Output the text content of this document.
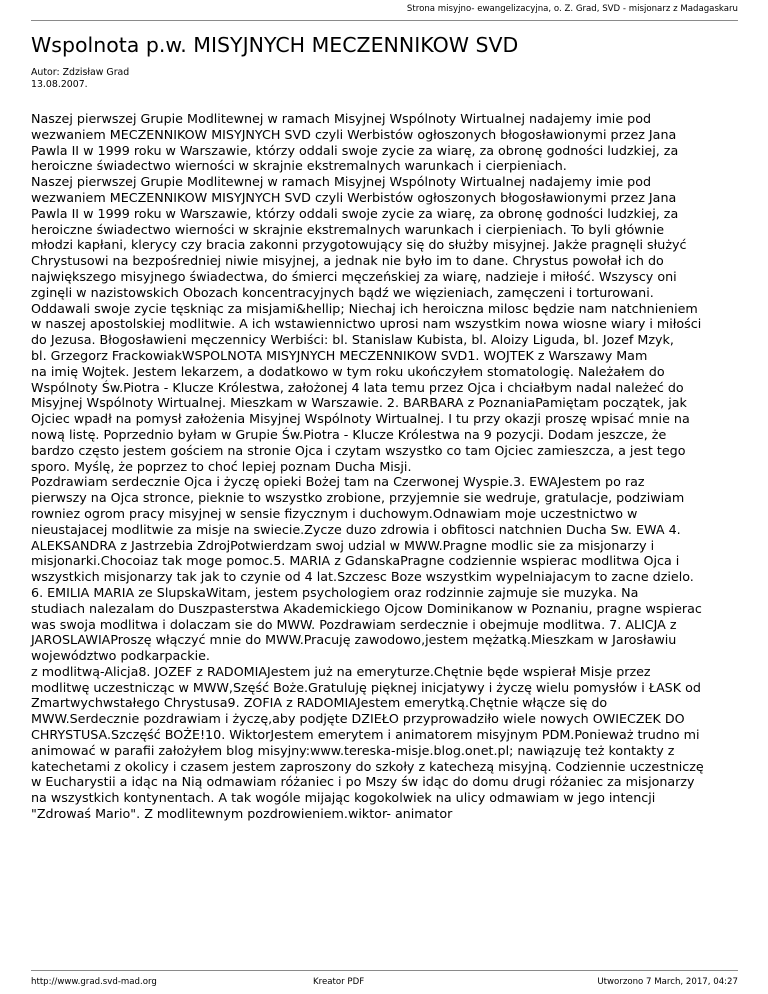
Strona misyjno- ewangelizacyjna, o. Z. Grad, SVD - misjonarz z Madagaskaru
Wspolnota p.w. MISYJNYCH MECZENNIKOW SVD
Autor: Zdzisław Grad
13.08.2007.
Naszej pierwszej Grupie Modlitewnej w ramach Misyjnej Wspólnoty Wirtualnej nadajemy imie pod
wezwaniem MECZENNIKOW MISYJNYCH SVD czyli Werbistów ogłoszonych błogosławionymi przez Jana
Pawla II w 1999 roku w Warszawie, którzy oddali swoje zycie za wiarę, za obronę godności ludzkiej, za
heroiczne świadectwo wierności w skrajnie ekstremalnych warunkach i cierpieniach.
Naszej pierwszej Grupie Modlitewnej w ramach Misyjnej Wspólnoty Wirtualnej nadajemy imie pod
wezwaniem MECZENNIKOW MISYJNYCH SVD czyli Werbistów ogłoszonych błogosławionymi przez Jana
Pawla II w 1999 roku w Warszawie, którzy oddali swoje zycie za wiarę, za obronę godności ludzkiej, za
heroiczne świadectwo wierności w skrajnie ekstremalnych warunkach i cierpieniach. To byli głównie
młodzi kapłani, klerycy czy bracia zakonni przygotowujący się do służby misyjnej. Jakże pragnęli służyć
Chrystusowi na bezpośredniej niwie misyjnej, a jednak nie było im to dane. Chrystus powołał ich do
największego misyjnego świadectwa, do śmierci męczeńskiej za wiarę, nadzieje i miłość. Wszyscy oni
zginęli w nazistowskich Obozach koncentracyjnych bądź we więzieniach, zamęczeni i torturowani.
Oddawali swoje zycie tęskniąc za misjami&hellip; Niechaj ich heroiczna milosc będzie nam natchnieniem
w naszej apostolskiej modlitwie. A ich wstawiennictwo uprosi nam wszystkim nowa wiosne wiary i miłości
do Jezusa. Błogosławieni męczennicy Werbiści: bl. Stanislaw Kubista, bl. Aloizy Liguda, bl. Jozef Mzyk,
bl. Grzegorz FrackowiakWSPOLNOTA MISYJNYCH MECZENNIKOW SVD1. WOJTEK z Warszawy Mam
na imię Wojtek. Jestem lekarzem, a dodatkowo w tym roku ukończyłem stomatologię. Należałem do
Wspólnoty Św.Piotra - Klucze Królestwa, założonej 4 lata temu przez Ojca i chciałbym nadal należeć do
Misyjnej Wspólnoty Wirtualnej. Mieszkam w Warszawie. 2. BARBARA z PoznaniaPamiętam początek, jak
Ojciec wpadł na pomysł założenia Misyjnej Wspólnoty Wirtualnej. I tu przy okazji proszę wpisać mnie na
nową listę. Poprzednio byłam w Grupie Św.Piotra - Klucze Królestwa na 9 pozycji. Dodam jeszcze, że
bardzo często jestem gościem na stronie Ojca i czytam wszystko co tam Ojciec zamieszcza, a jest tego
sporo. Myślę, że poprzez to choć lepiej poznam Ducha Misji.
Pozdrawiam serdecznie Ojca i życzę opieki Bożej tam na Czerwonej Wyspie.3. EWAJestem po raz
pierwszy na Ojca stronce, pieknie to wszystko zrobione, przyjemnie sie wedruje, gratulacje, podziwiam
rowniez ogrom pracy misyjnej w sensie fizycznym i duchowym.Odnawiam moje uczestnictwo w
nieustajacej modlitwie za misje na swiecie.Zycze duzo zdrowia i obfitosci natchnien Ducha Sw. EWA 4.
ALEKSANDRA z Jastrzebia ZdrojPotwierdzam swoj udzial w MWW.Pragne modlic sie za misjonarzy i
misjonarki.Chocoiaz tak moge pomoc.5. MARIA z GdanskaPragne codziennie wspierac modlitwa Ojca i
wszystkich misjonarzy tak jak to czynie od 4 lat.Szczesc Boze wszystkim wypelniajacym to zacne dzielo.
6. EMILIA MARIA ze SlupskaWitam, jestem psychologiem oraz rodzinnie zajmuje sie muzyka. Na
studiach nalezalam do Duszpasterstwa Akademickiego Ojcow Dominikanow w Poznaniu, pragne wspierac
was swoja modlitwa i dolaczam sie do MWW. Pozdrawiam serdecznie i obejmuje modlitwa. 7. ALICJA z
JAROSLAWIAProszę włączyć mnie do MWW.Pracuję zawodowo,jestem mężatką.Mieszkam w Jarosławiu
województwo podkarpackie.
z modlitwą-Alicja8. JOZEF z RADOMIAJestem już na emeryturze.Chętnie będe wspierał Misje przez
modlitwę uczestnicząc w MWW,Szęść Boże.Gratuluję pięknej inicjatywy i życzę wielu pomysłów i ŁASK od
Zmartwychwstałego Chrystusa9. ZOFIA z RADOMIAJestem emerytką.Chętnie włącze się do
MWW.Serdecznie pozdrawiam i życzę,aby podjęte DZIEŁO przyprowadziło wiele nowych OWIECZEK DO
CHRYSTUSA.Szczęść BOŻE!10. WiktorJestem emerytem i animatorem misyjnym PDM.Ponieważ trudno mi
animować w parafii założyłem blog misyjny:www.tereska-misje.blog.onet.pl; nawiązuję też kontakty z
katechetami z okolicy i czasem jestem zaproszony do szkoły z katechezą misyjną. Codziennie uczestniczę
w Eucharystii a idąc na Nią odmawiam różaniec i po Mszy św idąc do domu drugi różaniec za misjonarzy
na wszystkich kontynentach. A tak wogóle mijając kogokolwiek na ulicy odmawiam w jego intencji
"Zdrowaś Mario". Z modlitewnym pozdrowieniem.wiktor- animator
http://www.grad.svd-mad.org	Kreator PDF	Utworzono 7 March, 2017, 04:27
